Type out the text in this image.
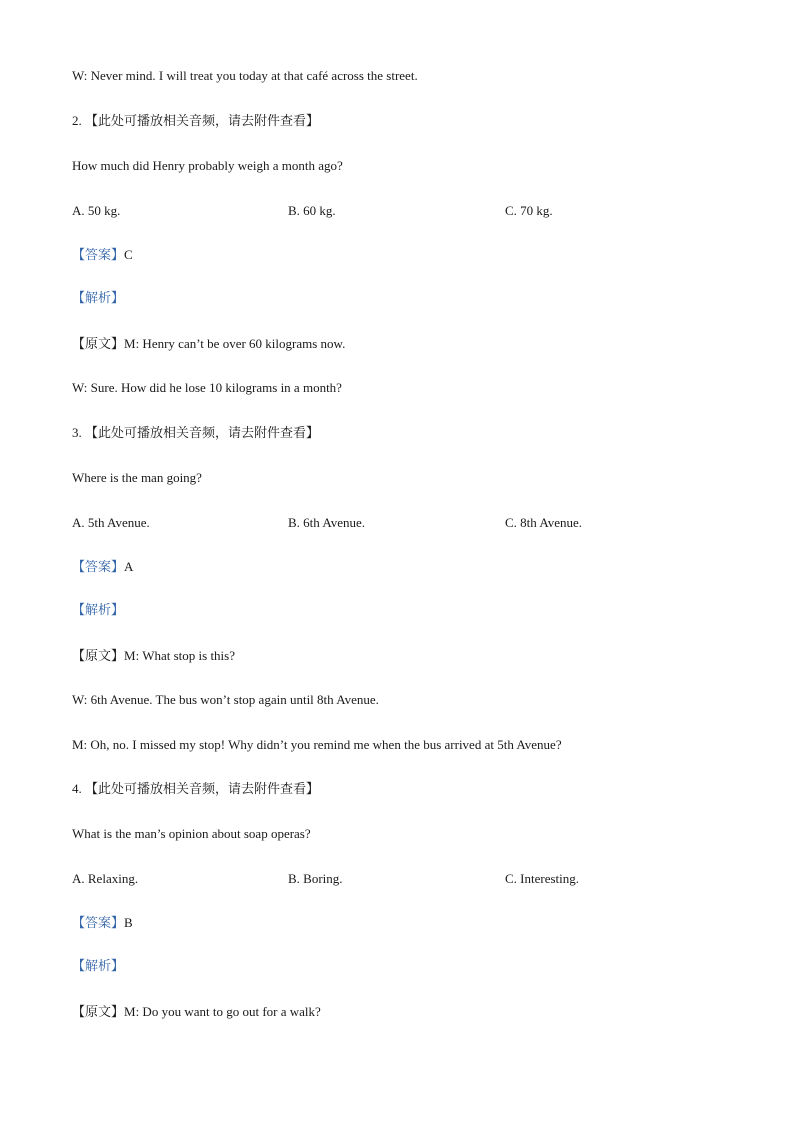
W: Never mind. I will treat you today at that café across the street.
2. 【此处可播放相关音频，请去附件查看】
How much did Henry probably weigh a month ago?
A. 50 kg.	B. 60 kg.	C. 70 kg.
【答案】C
【解析】
【原文】M: Henry can’t be over 60 kilograms now.
W: Sure. How did he lose 10 kilograms in a month?
3. 【此处可播放相关音频，请去附件查看】
Where is the man going?
A. 5th Avenue.	B. 6th Avenue.	C. 8th Avenue.
【答案】A
【解析】
【原文】M: What stop is this?
W: 6th Avenue. The bus won’t stop again until 8th Avenue.
M: Oh, no. I missed my stop! Why didn’t you remind me when the bus arrived at 5th Avenue?
4. 【此处可播放相关音频，请去附件查看】
What is the man’s opinion about soap operas?
A. Relaxing.	B. Boring.	C. Interesting.
【答案】B
【解析】
【原文】M: Do you want to go out for a walk?
